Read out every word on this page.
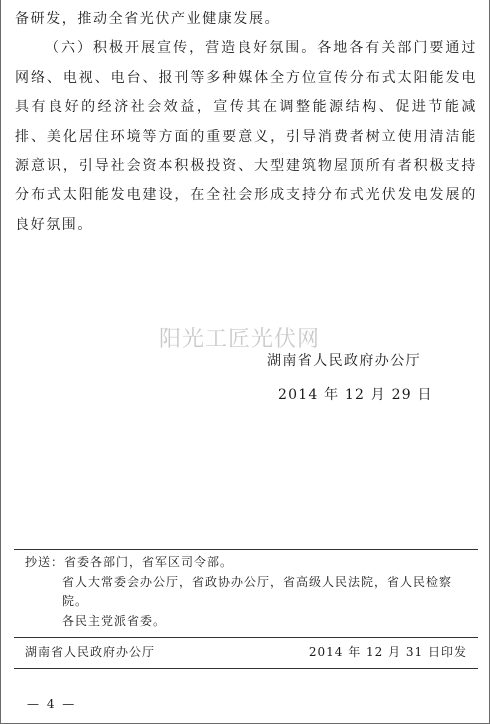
备研发，推动全省光伏产业健康发展。

（六）积极开展宣传，营造良好氛围。各地各有关部门要通过网络、电视、电台、报刊等多种媒体全方位宣传分布式太阳能发电具有良好的经济社会效益，宣传其在调整能源结构、促进节能减排、美化居住环境等方面的重要意义，引导消费者树立使用清洁能源意识，引导社会资本积极投资、大型建筑物屋顶所有者积极支持分布式太阳能发电建设，在全社会形成支持分布式光伏发电发展的良好氛围。

阳光工匠光伏网
湖南省人民政府办公厅
2014 年 12 月 29 日
抄送： 省委各部门，省军区司令部。
省人大常委会办公厅，省政协办公厅，省高级人民法院，省人民检察院。
各民主党派省委。
湖南省人民政府办公厅	2014 年 12 月 31 日印发
— 4 —
